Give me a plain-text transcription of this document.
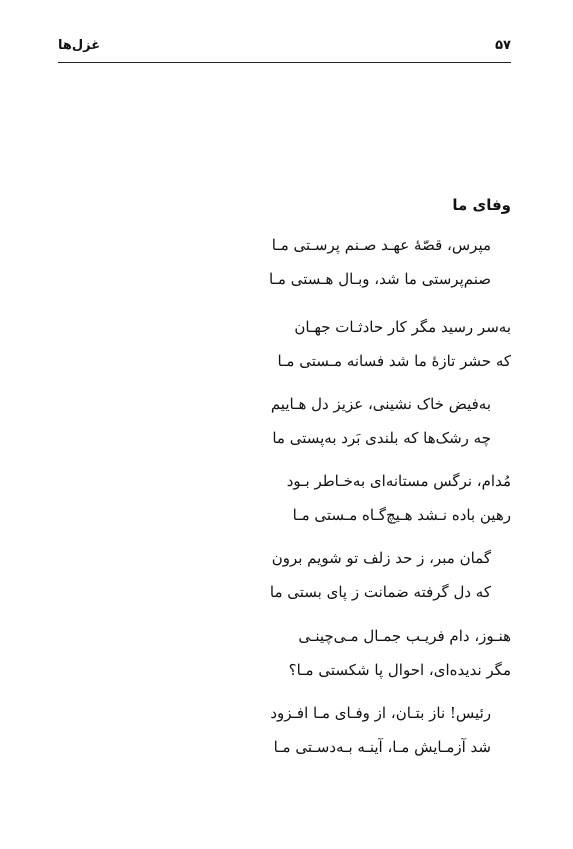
غزل‌ها	۵۷
وفای ما
مپرس، قصّهٔ عهـد صـنم پرسـتی مـا
صنم‌پرستی ما شد، وبـال هـستی مـا
به‌سر رسید مگر کار حادثـات جهـان
که حشر تازهٔ ما شد فسانه مـستی مـا
به‌فیض خاک نشینی، عزیز دل هـاییم
چه رشک‌ها که بلندی بَرد به‌پستی ما
مُدام، نرگس مستانه‌ای به‌خـاطر بـود
رهین باده نـشد هـیچ‌گـاه مـستی مـا
گمان مبر، ز حد زلف تو شویم برون
که دل گرفته ضمانت ز پای بستی ما
هنـوز، دام فریـب جمـال مـی‌چینـی
مگر ندیده‌ای، احوال پا شکستی مـا؟
رئیس! ناز بتـان، از وفـای مـا افـزود
شد آزمـایش مـا، آینـه بـه‌دسـتی مـا
